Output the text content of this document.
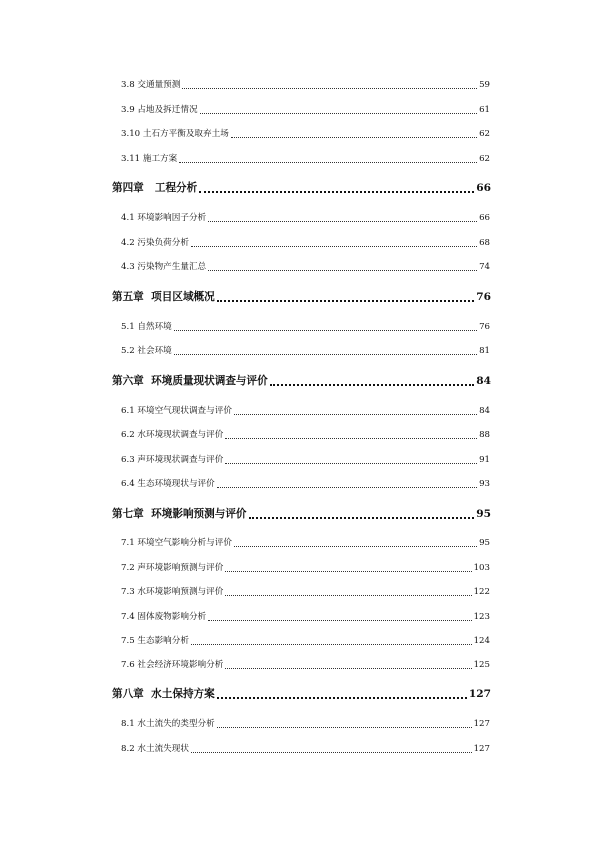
3.8 交通量预测	59
3.9 占地及拆迁情况	61
3.10 土石方平衡及取弃土场	62
3.11 施工方案	62
第四章   工程分析	66
4.1 环境影响因子分析	66
4.2 污染负荷分析	68
4.3 污染物产生量汇总	74
第五章  项目区域概况	76
5.1 自然环境	76
5.2 社会环境	81
第六章  环境质量现状调查与评价	84
6.1 环境空气现状调查与评价	84
6.2 水环境现状调查与评价	88
6.3 声环境现状调查与评价	91
6.4 生态环境现状与评价	93
第七章  环境影响预测与评价	95
7.1 环境空气影响分析与评价	95
7.2 声环境影响预测与评价	103
7.3 水环境影响预测与评价	122
7.4 固体废物影响分析	123
7.5 生态影响分析	124
7.6 社会经济环境影响分析	125
第八章  水土保持方案	127
8.1 水土流失的类型分析	127
8.2 水土流失现状	127
